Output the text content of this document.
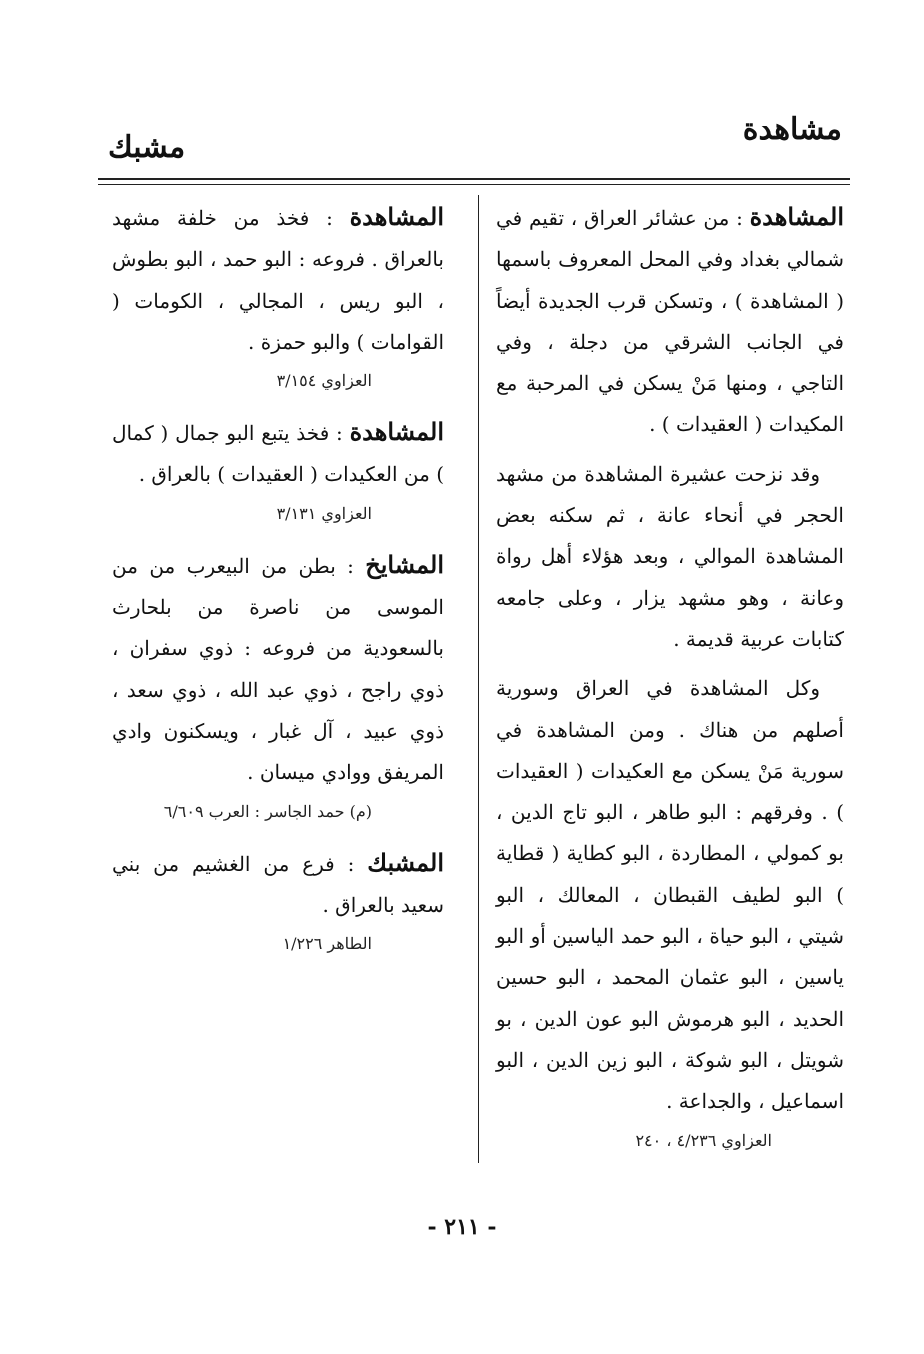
مشاهدة
مشبك

المشاهدة : من عشائر العراق ، تقيم في شمالي بغداد وفي المحل المعروف باسمها ( المشاهدة ) ، وتسكن قرب الجديدة أيضاً في الجانب الشرقي من دجلة ، وفي التاجي ، ومنها مَنْ يسكن في المرحبة مع المكيدات ( العقيدات ) .

وقد نزحت عشيرة المشاهدة من مشهد الحجر في أنحاء عانة ، ثم سكنه بعض المشاهدة الموالي ، وبعد هؤلاء أهل رواة وعانة ، وهو مشهد يزار ، وعلى جامعه كتابات عربية قديمة .

وكل المشاهدة في العراق وسورية أصلهم من هناك . ومن المشاهدة في سورية مَنْ يسكن مع العكيدات ( العقيدات ) . وفرقهم : البو طاهر ، البو تاج الدين ، بو كمولي ، المطاردة ، البو كطاية ( قطاية ) البو لطيف القبطان ، المعالك ، البو شيتي ، البو حياة ، البو حمد الياسين أو البو ياسين ، البو عثمان المحمد ، البو حسين الحديد ، البو هرموش البو عون الدين ، بو شويتل ، البو شوكة ، البو زين الدين ، البو اسماعيل ، والجداعة .

العزاوي ٤/٢٣٦ ، ٢٤٠

المشاهدة : فخذ من خلفة مشهد بالعراق . فروعه : البو حمد ، البو بطوش ، البو ريس ، المجالي ، الكومات ( القوامات ) والبو حمزة .

العزاوي ٣/١٥٤

المشاهدة : فخذ يتبع البو جمال ( كمال ) من العكيدات ( العقيدات ) بالعراق .

العزاوي ٣/١٣١

المشايخ : بطن من البيعرب من من الموسى من ناصرة من بلحارث بالسعودية من فروعه : ذوي سفران ، ذوي راجح ، ذوي عبد الله ، ذوي سعد ، ذوي عبيد ، آل غبار ، ويسكنون وادي المريفق ووادي ميسان .

(م) حمد الجاسر : العرب ٦/٦٠٩

المشبك : فرع من الغشيم من بني سعيد بالعراق .

الطاهر ١/٢٢٦
- ٢١١ -
